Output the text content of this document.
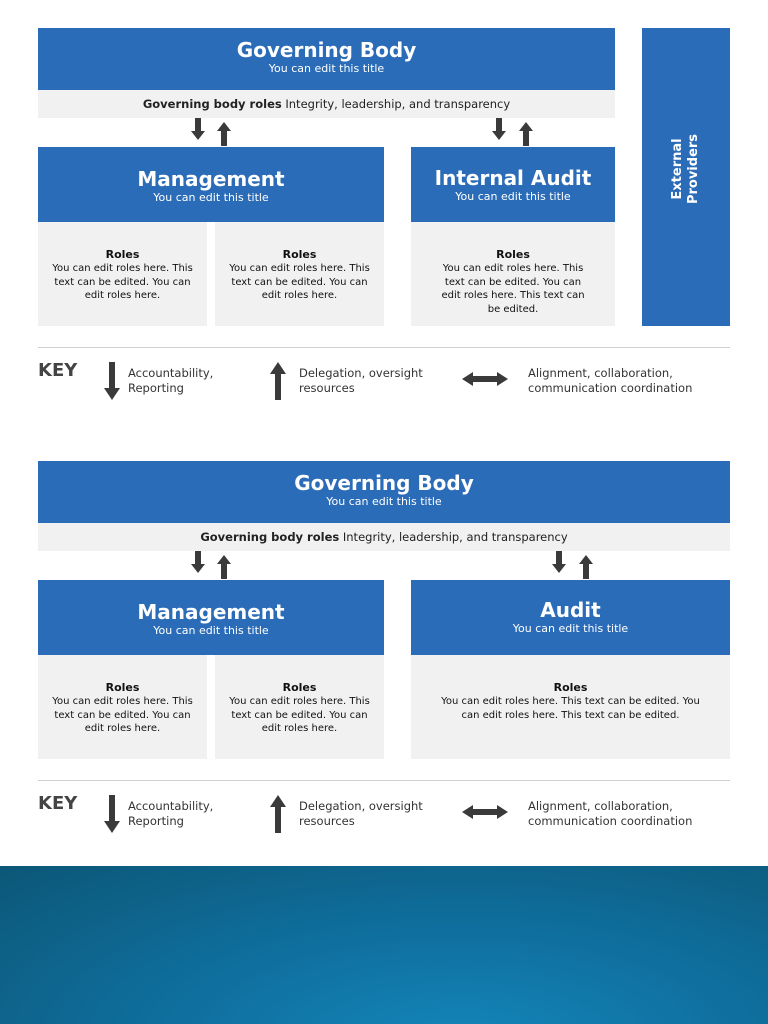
Governing Body
You can edit this title
Governing body roles Integrity, leadership, and transparency
Management
You can edit this title
Roles
You can edit roles here. This text can be edited. You can edit roles here.
Roles
You can edit roles here. This text can be edited. You can edit roles here.
Internal Audit
You can edit this title
Roles
You can edit roles here. This text can be edited. You can edit roles here. This text can be edited.
External Providers
KEY	Accountability, Reporting
Delegation, oversight resources
Alignment, collaboration, communication coordination
Governing Body
You can edit this title
Governing body roles Integrity, leadership, and transparency
Management
You can edit this title
Roles
You can edit roles here. This text can be edited. You can edit roles here.
Roles
You can edit roles here. This text can be edited. You can edit roles here.
Audit
You can edit this title
Roles
You can edit roles here. This text can be edited. You can edit roles here. This text can be edited.
KEY	Accountability, Reporting
Delegation, oversight resources
Alignment, collaboration, communication coordination
